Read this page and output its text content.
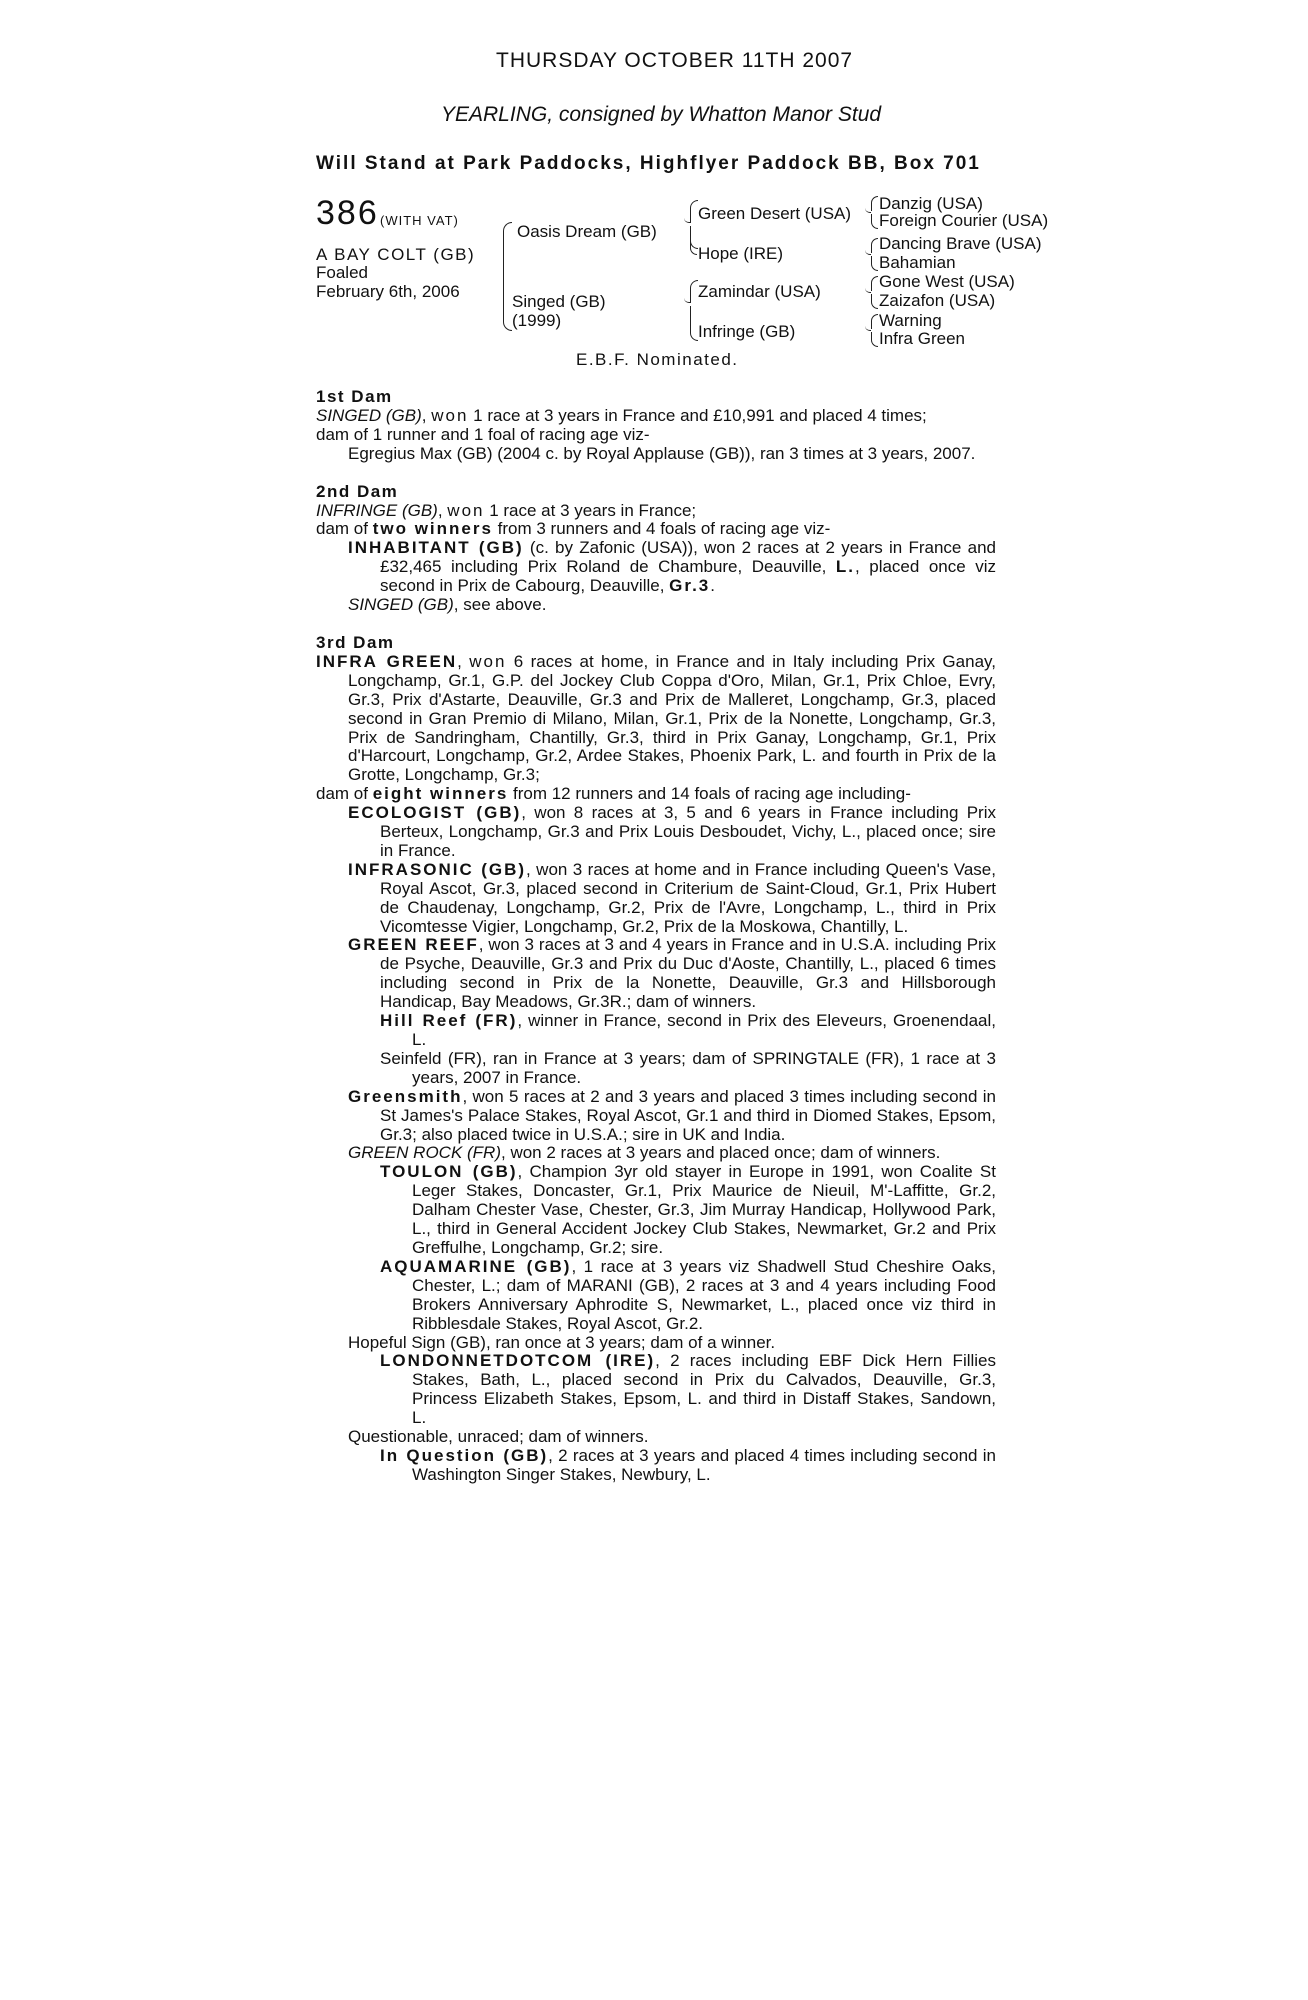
THURSDAY OCTOBER 11TH 2007
YEARLING, consigned by Whatton Manor Stud
Will Stand at Park Paddocks, Highflyer Paddock BB, Box 701
386 (WITH VAT)
A BAY COLT (GB)
Foaled
February 6th, 2006
Oasis Dream (GB)
Singed (GB)
(1999)
Green Desert (USA)
Hope (IRE)
Zamindar (USA)
Infringe (GB)
Danzig (USA)
Foreign Courier (USA)
Dancing Brave (USA)
Bahamian
Gone West (USA)
Zaizafon (USA)
Warning
Infra Green
E.B.F. Nominated.

1st Dam

SINGED (GB), won 1 race at 3 years in France and £10,991 and placed 4 times;

dam of 1 runner and 1 foal of racing age viz-

Egregius Max (GB) (2004 c. by Royal Applause (GB)), ran 3 times at 3 years, 2007.

2nd Dam

INFRINGE (GB), won 1 race at 3 years in France;

dam of two winners from 3 runners and 4 foals of racing age viz-

INHABITANT (GB) (c. by Zafonic (USA)), won 2 races at 2 years in France and £32,465 including Prix Roland de Chambure, Deauville, L., placed once viz second in Prix de Cabourg, Deauville, Gr.3.

SINGED (GB), see above.

3rd Dam

INFRA GREEN, won 6 races at home, in France and in Italy including Prix Ganay, Longchamp, Gr.1, G.P. del Jockey Club Coppa d'Oro, Milan, Gr.1, Prix Chloe, Evry, Gr.3, Prix d'Astarte, Deauville, Gr.3 and Prix de Malleret, Longchamp, Gr.3, placed second in Gran Premio di Milano, Milan, Gr.1, Prix de la Nonette, Longchamp, Gr.3, Prix de Sandringham, Chantilly, Gr.3, third in Prix Ganay, Longchamp, Gr.1, Prix d'Harcourt, Longchamp, Gr.2, Ardee Stakes, Phoenix Park, L. and fourth in Prix de la Grotte, Longchamp, Gr.3;

dam of eight winners from 12 runners and 14 foals of racing age including-

ECOLOGIST (GB), won 8 races at 3, 5 and 6 years in France including Prix Berteux, Longchamp, Gr.3 and Prix Louis Desboudet, Vichy, L., placed once; sire in France.

INFRASONIC (GB), won 3 races at home and in France including Queen's Vase, Royal Ascot, Gr.3, placed second in Criterium de Saint-Cloud, Gr.1, Prix Hubert de Chaudenay, Longchamp, Gr.2, Prix de l'Avre, Longchamp, L., third in Prix Vicomtesse Vigier, Longchamp, Gr.2, Prix de la Moskowa, Chantilly, L.

GREEN REEF, won 3 races at 3 and 4 years in France and in U.S.A. including Prix de Psyche, Deauville, Gr.3 and Prix du Duc d'Aoste, Chantilly, L., placed 6 times including second in Prix de la Nonette, Deauville, Gr.3 and Hillsborough Handicap, Bay Meadows, Gr.3R.; dam of winners.

Hill Reef (FR), winner in France, second in Prix des Eleveurs, Groenendaal, L.

Seinfeld (FR), ran in France at 3 years; dam of SPRINGTALE (FR), 1 race at 3 years, 2007 in France.

Greensmith, won 5 races at 2 and 3 years and placed 3 times including second in St James's Palace Stakes, Royal Ascot, Gr.1 and third in Diomed Stakes, Epsom, Gr.3; also placed twice in U.S.A.; sire in UK and India.

GREEN ROCK (FR), won 2 races at 3 years and placed once; dam of winners.

TOULON (GB), Champion 3yr old stayer in Europe in 1991, won Coalite St Leger Stakes, Doncaster, Gr.1, Prix Maurice de Nieuil, M'-Laffitte, Gr.2, Dalham Chester Vase, Chester, Gr.3, Jim Murray Handicap, Hollywood Park, L., third in General Accident Jockey Club Stakes, Newmarket, Gr.2 and Prix Greffulhe, Longchamp, Gr.2; sire.

AQUAMARINE (GB), 1 race at 3 years viz Shadwell Stud Cheshire Oaks, Chester, L.; dam of MARANI (GB), 2 races at 3 and 4 years including Food Brokers Anniversary Aphrodite S, Newmarket, L., placed once viz third in Ribblesdale Stakes, Royal Ascot, Gr.2.

Hopeful Sign (GB), ran once at 3 years; dam of a winner.

LONDONNETDOTCOM (IRE), 2 races including EBF Dick Hern Fillies Stakes, Bath, L., placed second in Prix du Calvados, Deauville, Gr.3, Princess Elizabeth Stakes, Epsom, L. and third in Distaff Stakes, Sandown, L.

Questionable, unraced; dam of winners.

In Question (GB), 2 races at 3 years and placed 4 times including second in Washington Singer Stakes, Newbury, L.
